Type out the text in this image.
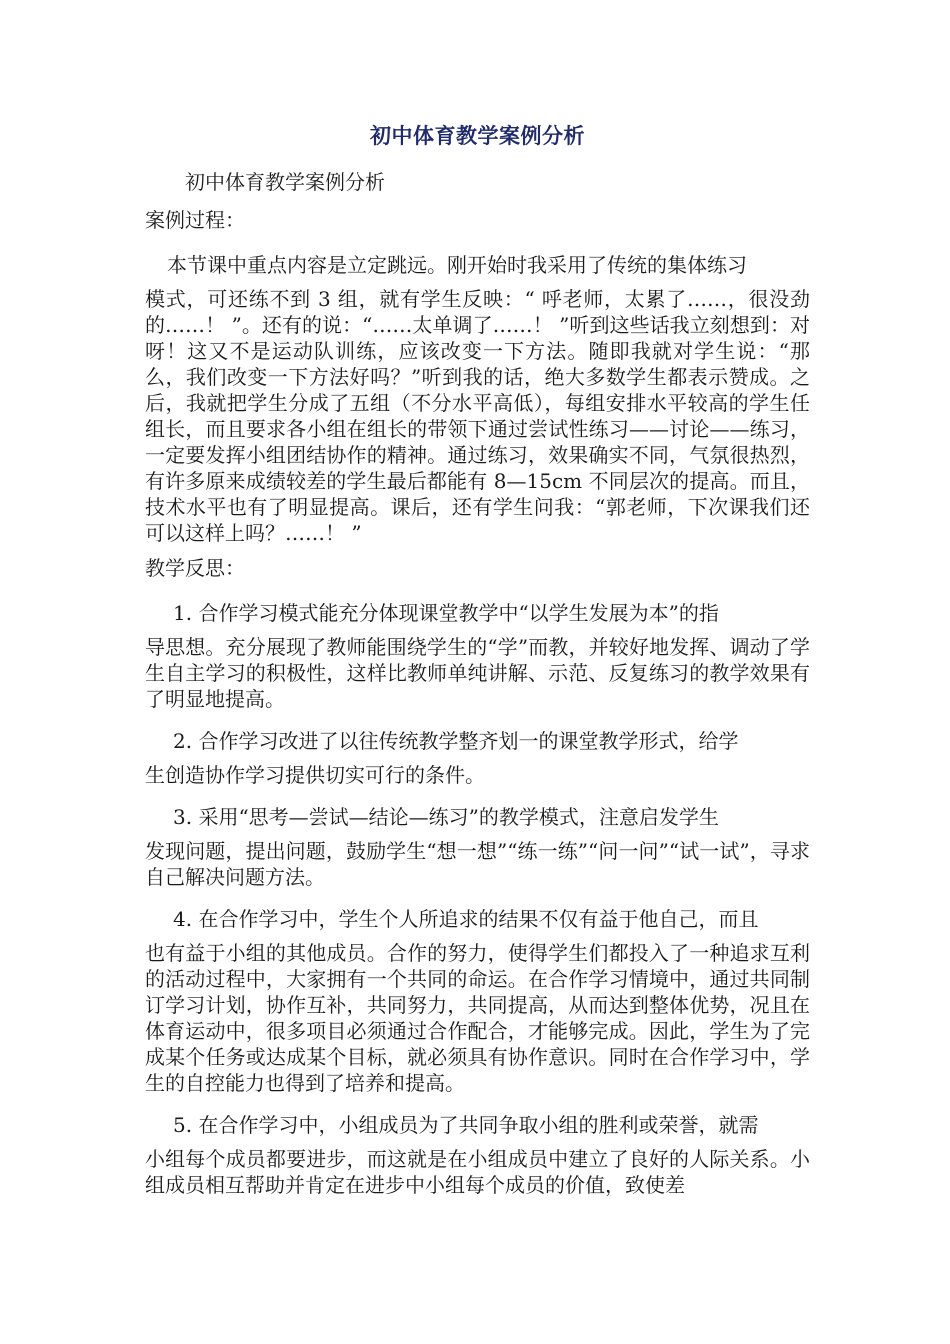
初中体育教学案例分析
初中体育教学案例分析
案例过程：
本节课中重点内容是立定跳远。刚开始时我采用了传统的集体练习
模式，可还练不到 3 组，就有学生反映：“ 呼老师，太累了……，很没劲的……！ ”。还有的说：“……太单调了……！ ”听到这些话我立刻想到：对呀！这又不是运动队训练，应该改变一下方法。随即我就对学生说：“那么，我们改变一下方法好吗？”听到我的话，绝大多数学生都表示赞成。之后，我就把学生分成了五组（不分水平高低），每组安排水平较高的学生任组长，而且要求各小组在组长的带领下通过尝试性练习——讨论——练习，一定要发挥小组团结协作的精神。通过练习，效果确实不同，气氛很热烈，有许多原来成绩较差的学生最后都能有 8—15cm 不同层次的提高。而且，技术水平也有了明显提高。课后，还有学生问我：“郭老师，下次课我们还可以这样上吗？……！ ”
教学反思：
1. 合作学习模式能充分体现课堂教学中“以学生发展为本”的指
导思想。充分展现了教师能围绕学生的“学”而教，并较好地发挥、调动了学生自主学习的积极性，这样比教师单纯讲解、示范、反复练习的教学效果有了明显地提高。
2. 合作学习改进了以往传统教学整齐划一的课堂教学形式，给学
生创造协作学习提供切实可行的条件。
3. 采用“思考—尝试—结论—练习”的教学模式，注意启发学生
发现问题，提出问题，鼓励学生“想一想”“练一练”“问一问”“试一试”，寻求自己解决问题方法。
4. 在合作学习中，学生个人所追求的结果不仅有益于他自己，而且
也有益于小组的其他成员。合作的努力，使得学生们都投入了一种追求互利的活动过程中，大家拥有一个共同的命运。在合作学习情境中，通过共同制订学习计划，协作互补，共同努力，共同提高，从而达到整体优势，况且在体育运动中，很多项目必须通过合作配合，才能够完成。因此，学生为了完成某个任务或达成某个目标，就必须具有协作意识。同时在合作学习中，学生的自控能力也得到了培养和提高。
5. 在合作学习中，小组成员为了共同争取小组的胜利或荣誉，就需
小组每个成员都要进步，而这就是在小组成员中建立了良好的人际关系。小组成员相互帮助并肯定在进步中小组每个成员的价值，致使差
